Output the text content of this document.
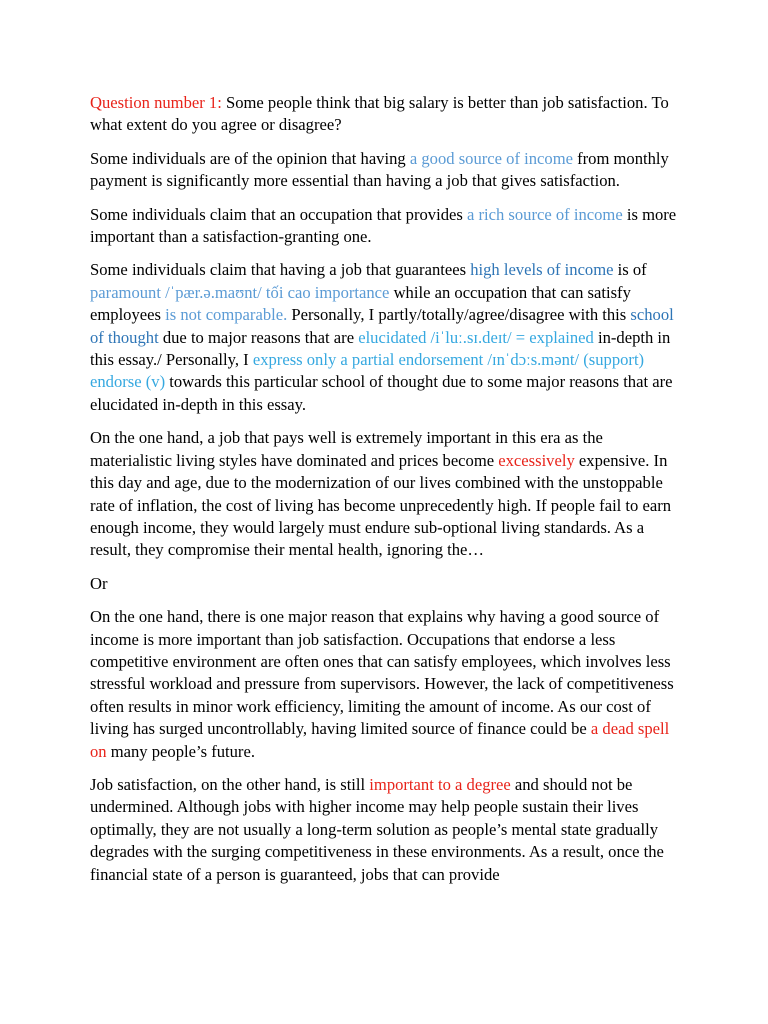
Question number 1: Some people think that big salary is better than job satisfaction. To what extent do you agree or disagree?

Some individuals are of the opinion that having a good source of income from monthly payment is significantly more essential than having a job that gives satisfaction.

Some individuals claim that an occupation that provides a rich source of income is more important than a satisfaction-granting one.

Some individuals claim that having a job that guarantees high levels of income is of paramount /ˈpær.ə.maʊnt/ tối cao importance while an occupation that can satisfy employees is not comparable. Personally, I partly/totally/agree/disagree with this school of thought due to major reasons that are elucidated /iˈluː.sɪ.deɪt/ = explained in-depth in this essay./ Personally, I express only a partial endorsement /ɪnˈdɔːs.mənt/ (support) endorse (v) towards this particular school of thought due to some major reasons that are elucidated in-depth in this essay.

On the one hand, a job that pays well is extremely important in this era as the materialistic living styles have dominated and prices become excessively expensive. In this day and age, due to the modernization of our lives combined with the unstoppable rate of inflation, the cost of living has become unprecedently high. If people fail to earn enough income, they would largely must endure sub-optional living standards. As a result, they compromise their mental health, ignoring the…

Or

On the one hand, there is one major reason that explains why having a good source of income is more important than job satisfaction. Occupations that endorse a less competitive environment are often ones that can satisfy employees, which involves less stressful workload and pressure from supervisors. However, the lack of competitiveness often results in minor work efficiency, limiting the amount of income. As our cost of living has surged uncontrollably, having limited source of finance could be a dead spell on many people’s future.

Job satisfaction, on the other hand, is still important to a degree and should not be undermined. Although jobs with higher income may help people sustain their lives optimally, they are not usually a long-term solution as people’s mental state gradually degrades with the surging competitiveness in these environments. As a result, once the financial state of a person is guaranteed, jobs that can provide
